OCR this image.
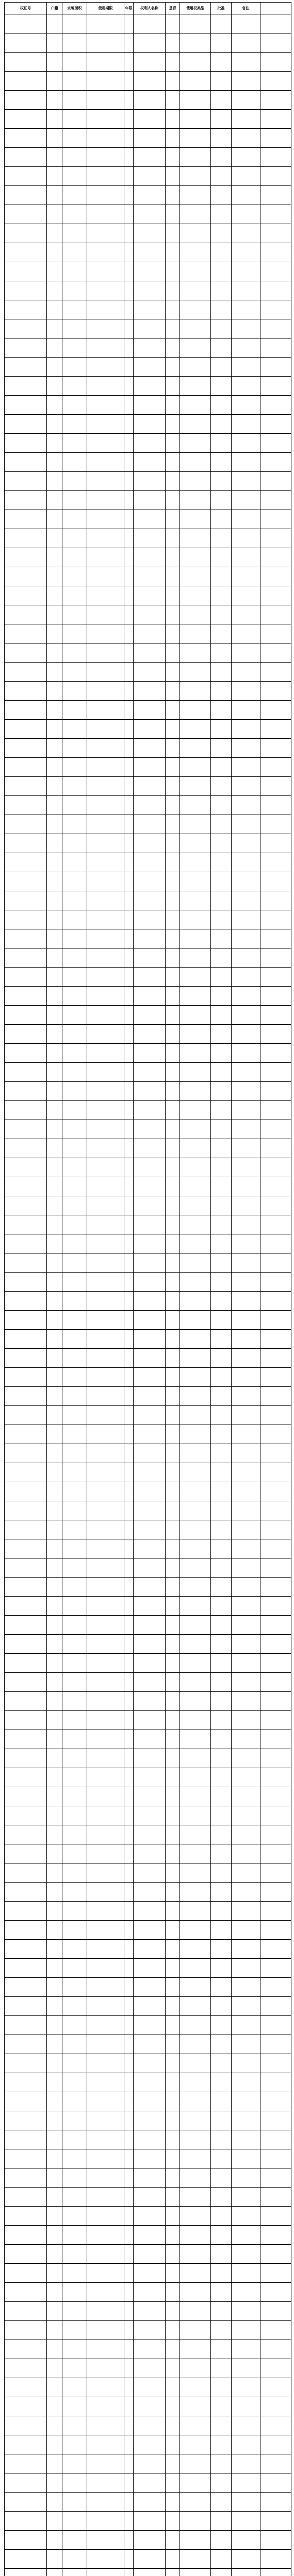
权证号	户籍	宗地面积	使用期限	年限	权利人名称	是否	使用权类型	批准	备注	
